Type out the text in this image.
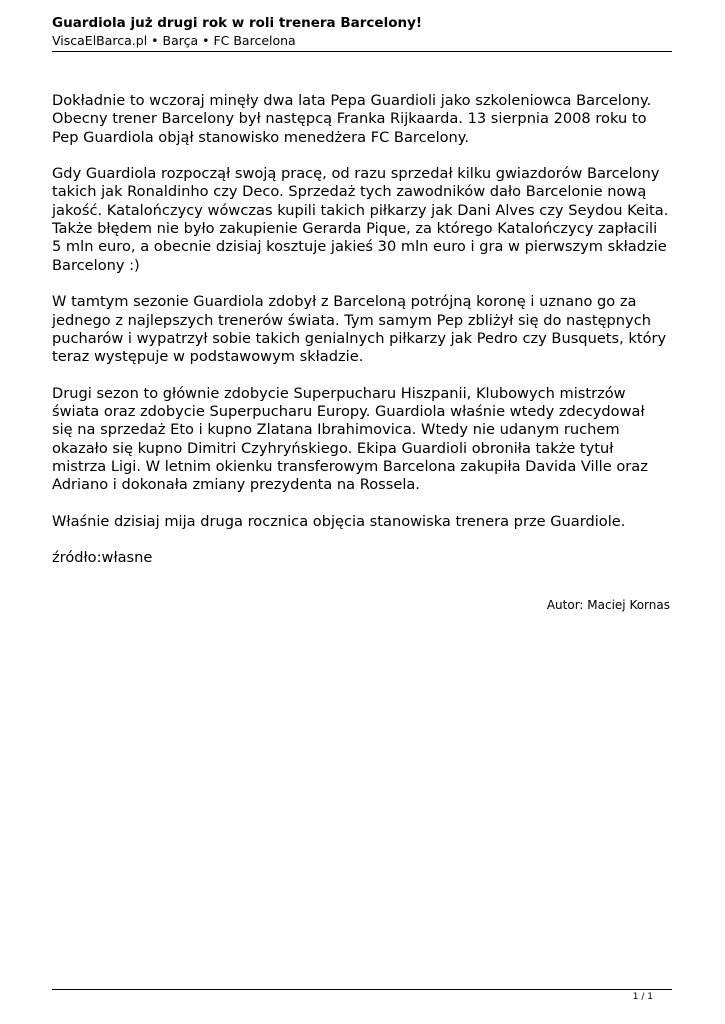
Guardiola już drugi rok w roli trenera Barcelony!
ViscaElBarca.pl • Barça • FC Barcelona

Dokładnie to wczoraj minęły dwa lata Pepa Guardioli jako szkoleniowca Barcelony.
Obecny trener Barcelony był następcą Franka Rijkaarda. 13 sierpnia 2008 roku to
Pep Guardiola objął stanowisko menedżera FC Barcelony.

Gdy Guardiola rozpoczął swoją pracę, od razu sprzedał kilku gwiazdorów Barcelony
takich jak Ronaldinho czy Deco. Sprzedaż tych zawodników dało Barcelonie nową
jakość. Katalończycy wówczas kupili takich piłkarzy jak Dani Alves czy Seydou Keita.
Także błędem nie było zakupienie Gerarda Pique, za którego Katalończycy zapłacili
5 mln euro, a obecnie dzisiaj kosztuje jakieś 30 mln euro i gra w pierwszym składzie
Barcelony :)

W tamtym sezonie Guardiola zdobył z Barceloną potrójną koronę i uznano go za
jednego z najlepszych trenerów świata. Tym samym Pep zbliżył się do następnych
pucharów i wypatrzył sobie takich genialnych piłkarzy jak Pedro czy Busquets, który
teraz występuje w podstawowym składzie.

Drugi sezon to głównie zdobycie Superpucharu Hiszpanii, Klubowych mistrzów
świata oraz zdobycie Superpucharu Europy. Guardiola właśnie wtedy zdecydował
się na sprzedaż Eto i kupno Zlatana Ibrahimovica. Wtedy nie udanym ruchem
okazało się kupno Dimitri Czyhryńskiego. Ekipa Guardioli obroniła także tytuł
mistrza Ligi. W letnim okienku transferowym Barcelona zakupiła Davida Ville oraz
Adriano i dokonała zmiany prezydenta na Rossela.

Właśnie dzisiaj mija druga rocznica objęcia stanowiska trenera prze Guardiole.

źródło:własne

Autor: Maciej Kornas
1 / 1
